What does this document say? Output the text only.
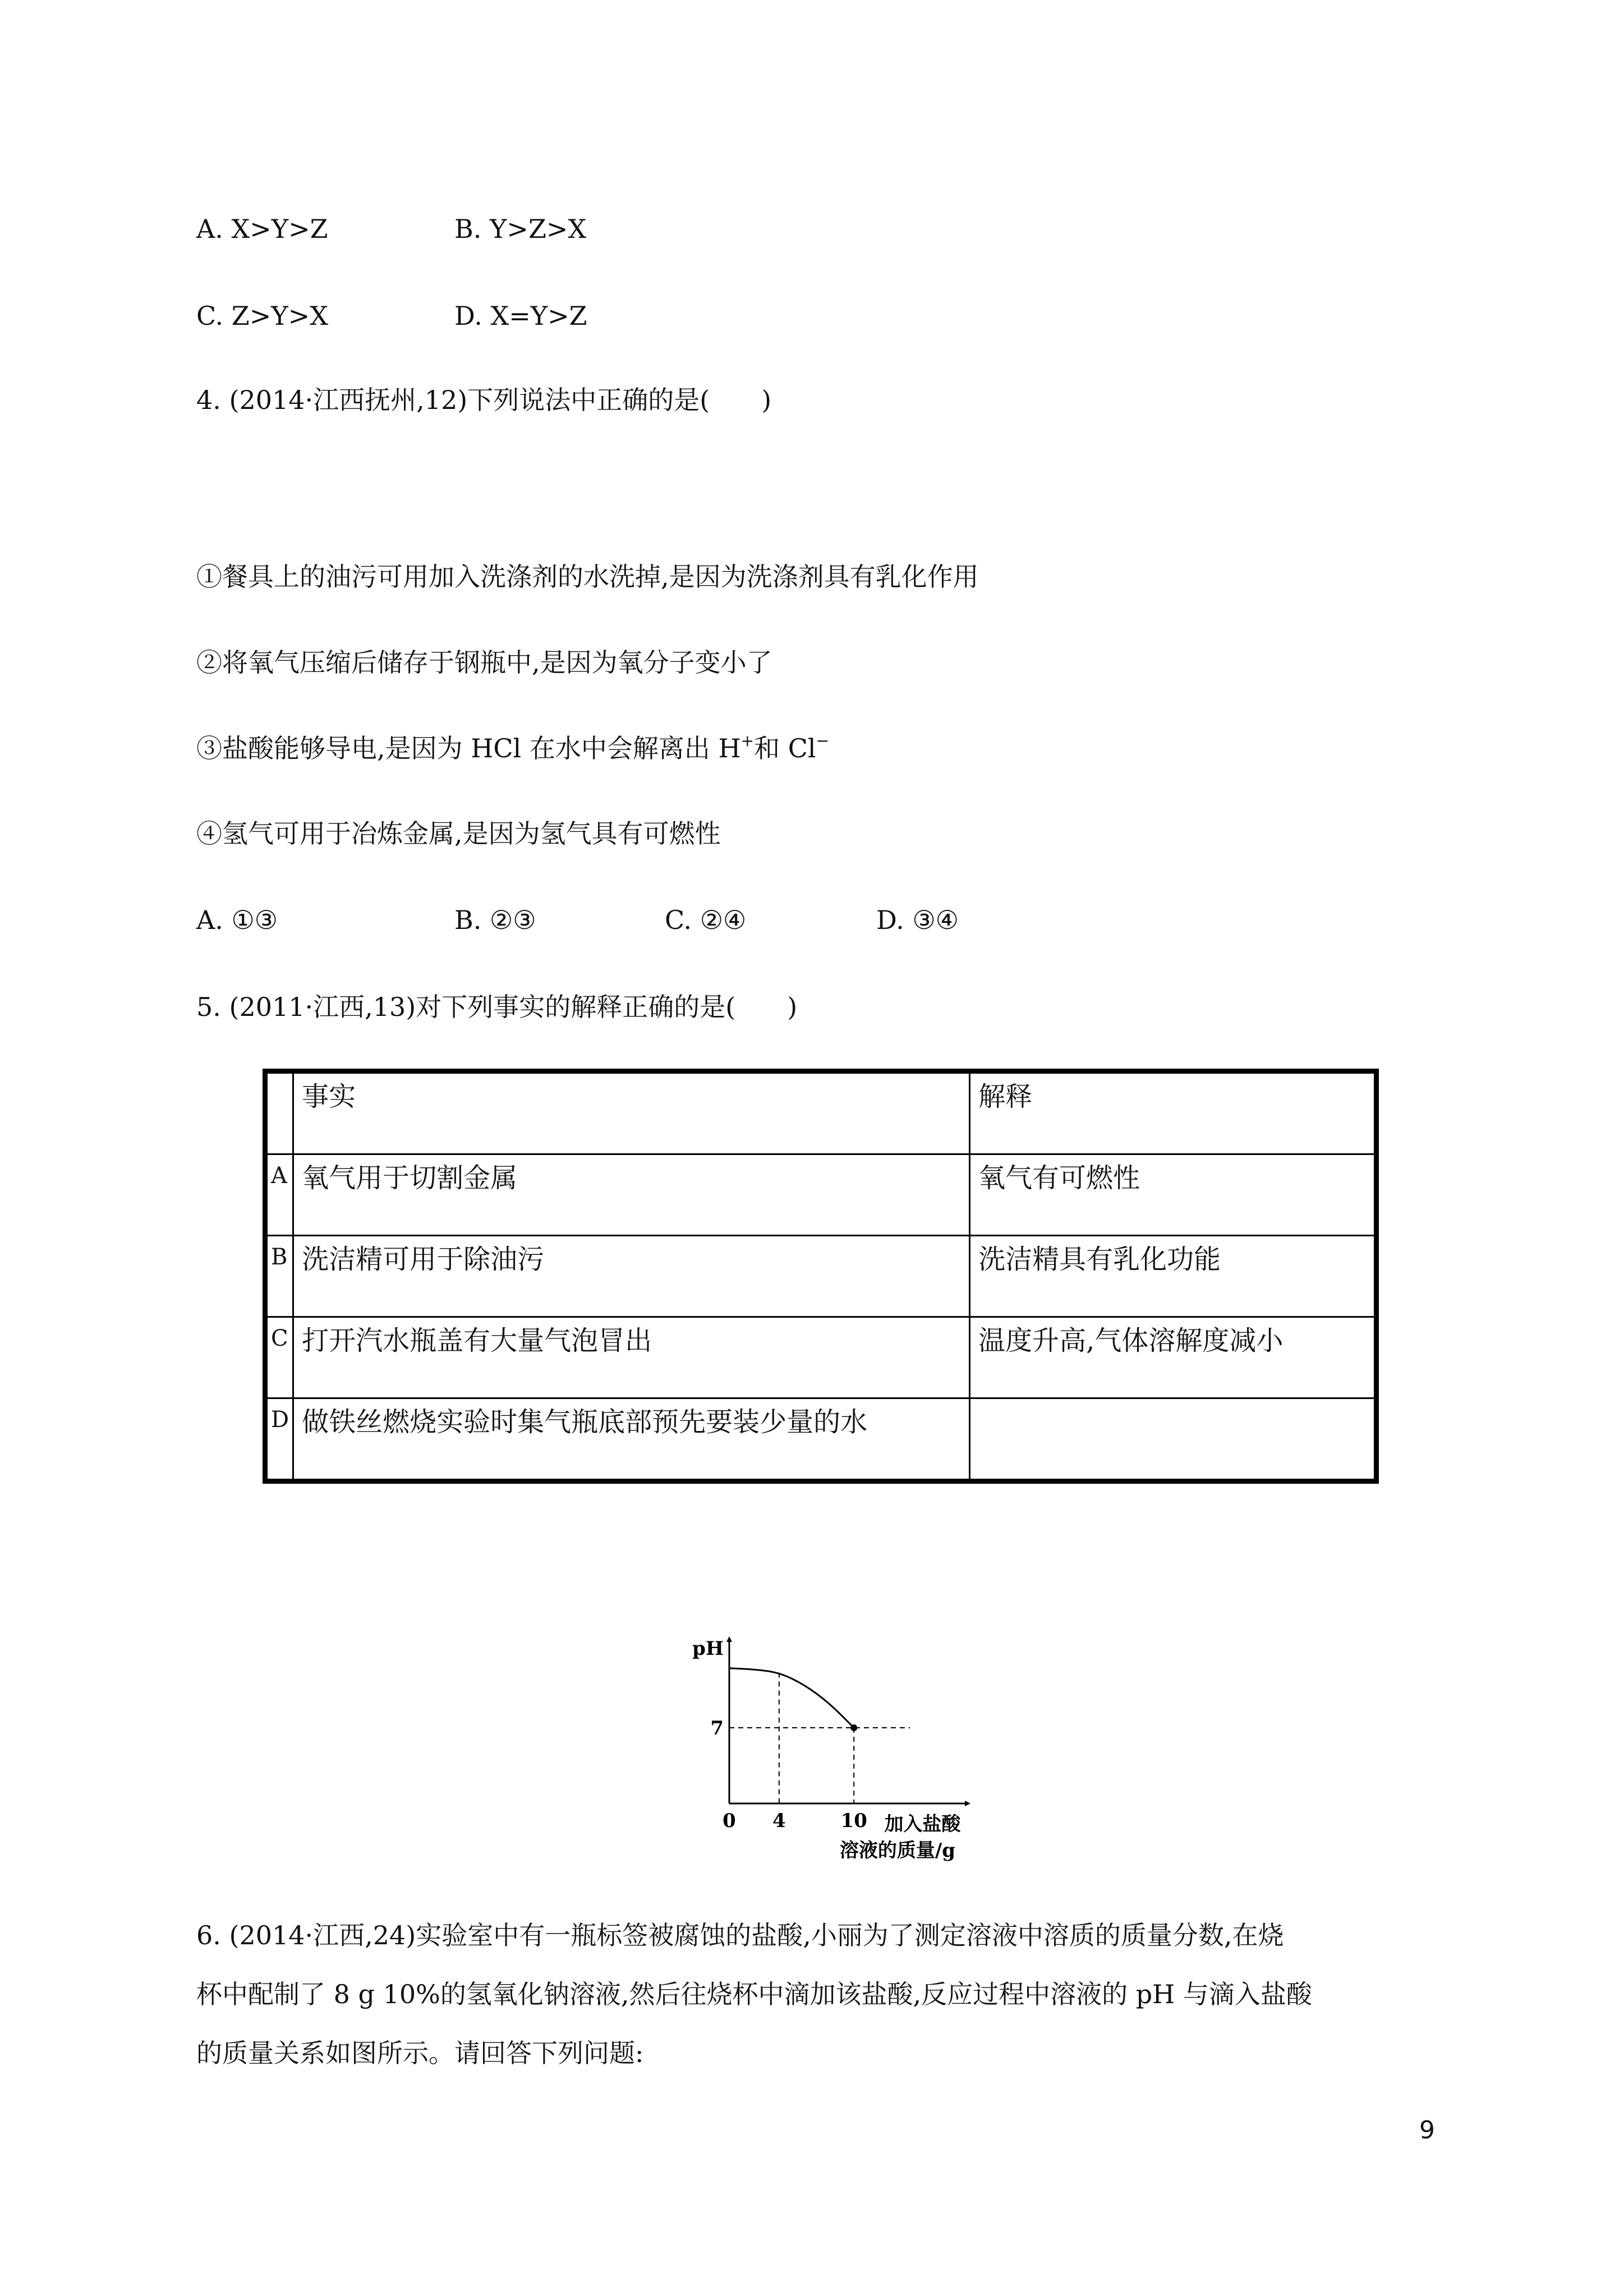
A. X>Y>Z	B. Y>Z>X
C. Z>Y>X	D. X=Y>Z
4. (2014·江西抚州,12)下列说法中正确的是(　　)
①餐具上的油污可用加入洗涤剂的水洗掉,是因为洗涤剂具有乳化作用
②将氧气压缩后储存于钢瓶中,是因为氧分子变小了
③盐酸能够导电,是因为 HCl 在水中会解离出 H+和 Cl−
④氢气可用于冶炼金属,是因为氢气具有可燃性
A. ①③	B. ②③	C. ②④	D. ③④
5. (2011·江西,13)对下列事实的解释正确的是(　　)
	事实	解释
A	氧气用于切割金属	氧气有可燃性
B	洗洁精可用于除油污	洗洁精具有乳化功能
C	打开汽水瓶盖有大量气泡冒出	温度升高,气体溶解度减小
D	做铁丝燃烧实验时集气瓶底部预先要装少量的水	
pH
7
0 4	10 加入盐酸
溶液的质量/g
6. (2014·江西,24)实验室中有一瓶标签被腐蚀的盐酸,小丽为了测定溶液中溶质的质量分数,在烧
杯中配制了 8 g 10%的氢氧化钠溶液,然后往烧杯中滴加该盐酸,反应过程中溶液的 pH 与滴入盐酸
的质量关系如图所示。请回答下列问题:
9
